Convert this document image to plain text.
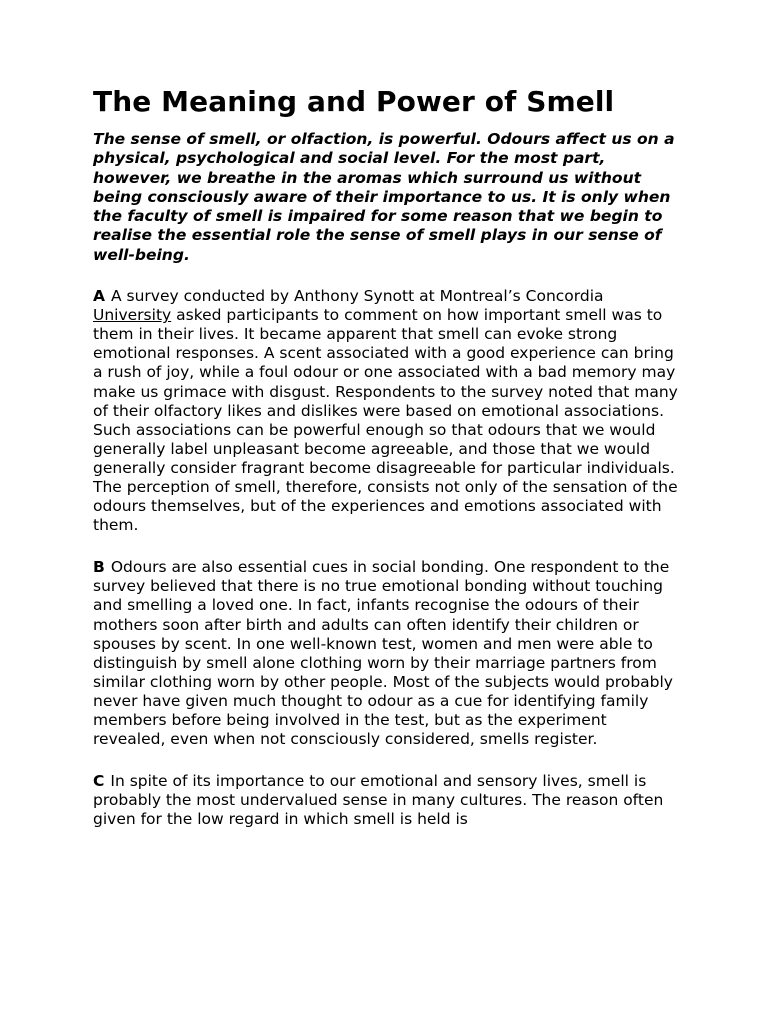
The Meaning and Power of Smell

The sense of smell, or olfaction, is powerful. Odours affect us on a physical, psychological and social level. For the most part, however, we breathe in the aromas which surround us without being consciously aware of their importance to us. It is only when the faculty of smell is impaired for some reason that we begin to realise the essential role the sense of smell plays in our sense of well-being.

A A survey conducted by Anthony Synott at Montreal’s Concordia University asked participants to comment on how important smell was to them in their lives. It became apparent that smell can evoke strong emotional responses. A scent associated with a good experience can bring a rush of joy, while a foul odour or one associated with a bad memory may make us grimace with disgust. Respondents to the survey noted that many of their olfactory likes and dislikes were based on emotional associations. Such associations can be powerful enough so that odours that we would generally label unpleasant become agreeable, and those that we would generally consider fragrant become disagreeable for particular individuals. The perception of smell, therefore, consists not only of the sensation of the odours themselves, but of the experiences and emotions associated with them.

B Odours are also essential cues in social bonding. One respondent to the survey believed that there is no true emotional bonding without touching and smelling a loved one. In fact, infants recognise the odours of their mothers soon after birth and adults can often identify their children or spouses by scent. In one well-known test, women and men were able to distinguish by smell alone clothing worn by their marriage partners from similar clothing worn by other people. Most of the subjects would probably never have given much thought to odour as a cue for identifying family members before being involved in the test, but as the experiment revealed, even when not consciously considered, smells register.

C In spite of its importance to our emotional and sensory lives, smell is probably the most undervalued sense in many cultures. The reason often given for the low regard in which smell is held is
